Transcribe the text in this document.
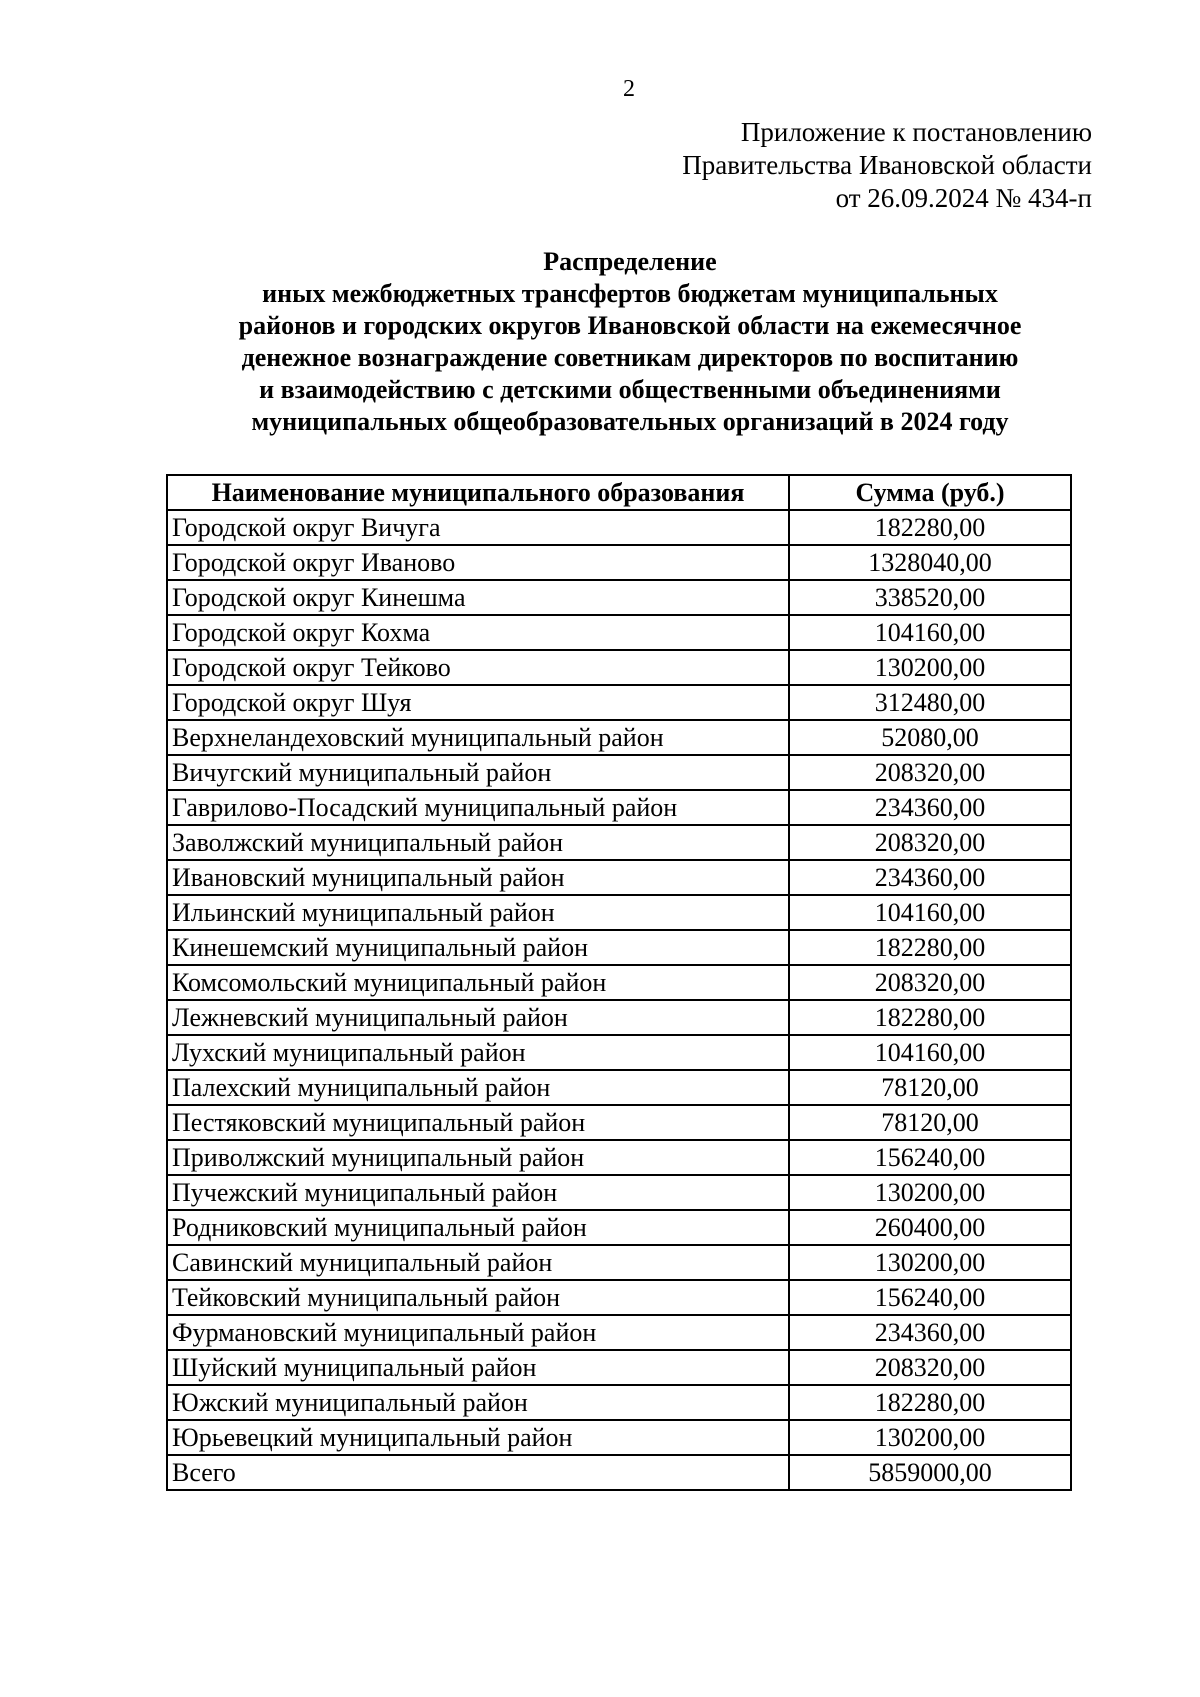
2
Приложение к постановлению
Правительства Ивановской области
от 26.09.2024 № 434-п
Распределение
иных межбюджетных трансфертов бюджетам муниципальных
районов и городских округов Ивановской области на ежемесячное
денежное вознаграждение советникам директоров по воспитанию
и взаимодействию с детскими общественными объединениями
муниципальных общеобразовательных организаций в 2024 году
Наименование муниципального образования	Сумма (руб.)
Городской округ Вичуга	182280,00
Городской округ Иваново	1328040,00
Городской округ Кинешма	338520,00
Городской округ Кохма	104160,00
Городской округ Тейково	130200,00
Городской округ Шуя	312480,00
Верхнеландеховский муниципальный район	52080,00
Вичугский муниципальный район	208320,00
Гаврилово-Посадский муниципальный район	234360,00
Заволжский муниципальный район	208320,00
Ивановский муниципальный район	234360,00
Ильинский муниципальный район	104160,00
Кинешемский муниципальный район	182280,00
Комсомольский муниципальный район	208320,00
Лежневский муниципальный район	182280,00
Лухский муниципальный район	104160,00
Палехский муниципальный район	78120,00
Пестяковский муниципальный район	78120,00
Приволжский муниципальный район	156240,00
Пучежский муниципальный район	130200,00
Родниковский муниципальный район	260400,00
Савинский муниципальный район	130200,00
Тейковский муниципальный район	156240,00
Фурмановский муниципальный район	234360,00
Шуйский муниципальный район	208320,00
Южский муниципальный район	182280,00
Юрьевецкий муниципальный район	130200,00
Всего	5859000,00
